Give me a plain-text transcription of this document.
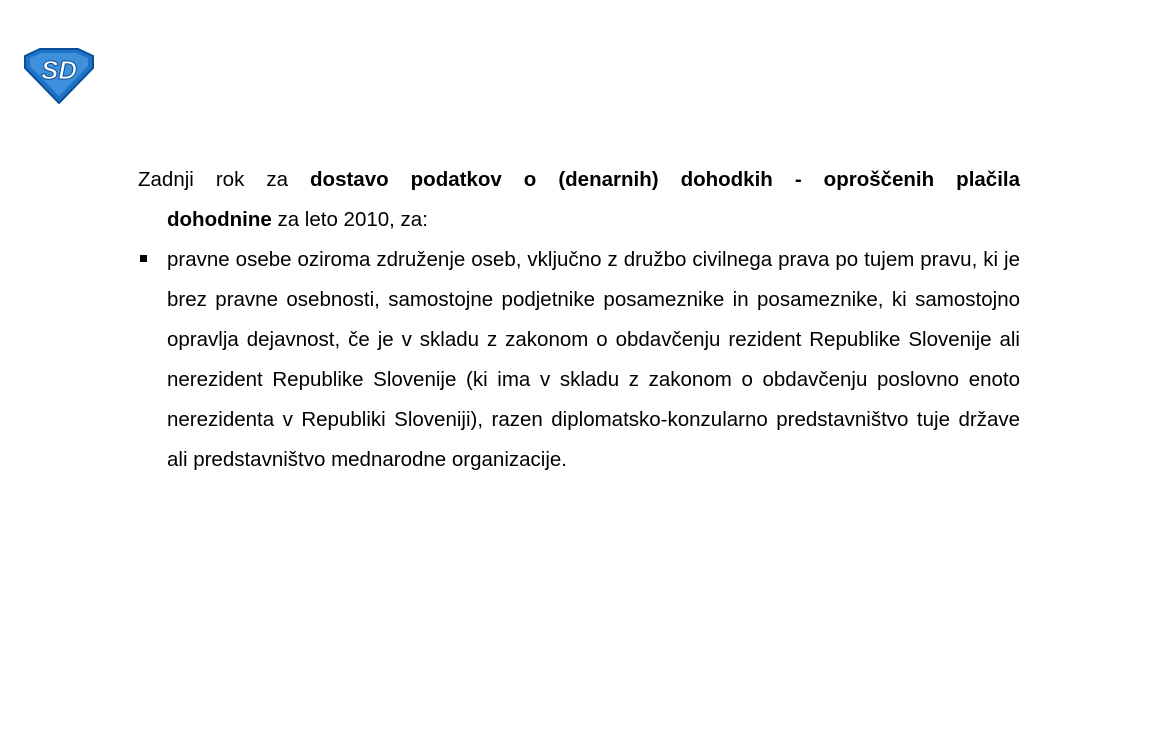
SD

Zadnji rok za dostavo podatkov o (denarnih) dohodkih - oproščenih plačila

dohodnine za leto 2010, za:

pravne osebe oziroma združenje oseb, vključno z družbo civilnega prava po tujem pravu, ki je brez pravne osebnosti, samostojne podjetnike posameznike in posameznike, ki samostojno opravlja dejavnost, če je v skladu z zakonom o obdavčenju rezident Republike Slovenije ali nerezident Republike Slovenije (ki ima v skladu z zakonom o obdavčenju poslovno enoto nerezidenta v Republiki Sloveniji), razen diplomatsko-konzularno predstavništvo tuje države ali predstavništvo mednarodne organizacije.
